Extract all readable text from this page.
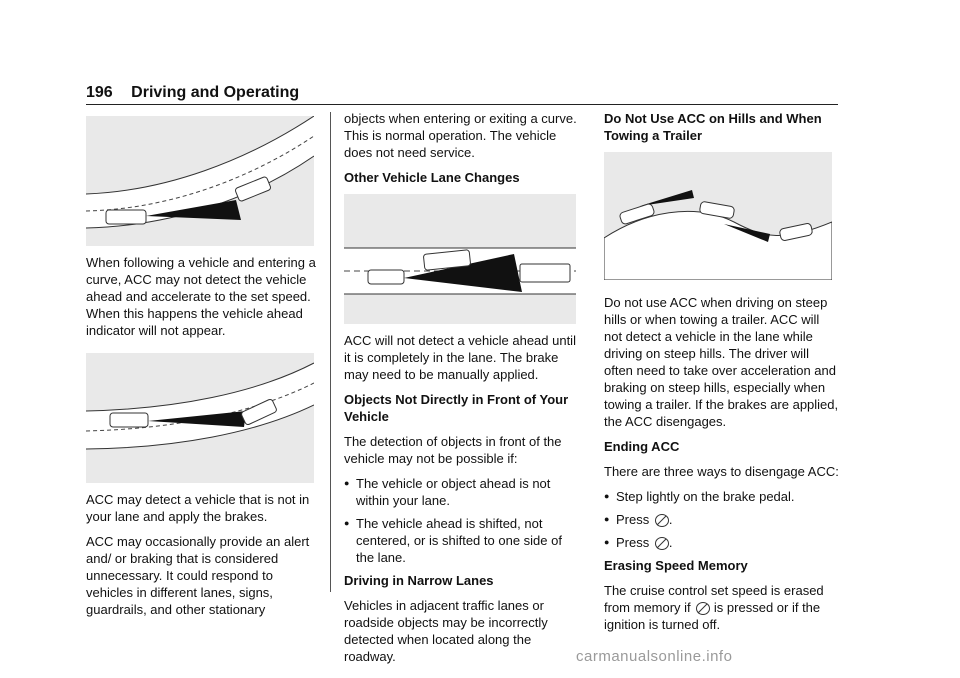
196 Driving and Operating

When following a vehicle and entering a curve, ACC may not detect the vehicle ahead and accelerate to the set speed. When this happens the vehicle ahead indicator will not appear.

ACC may detect a vehicle that is not in your lane and apply the brakes.

ACC may occasionally provide an alert and/ or braking that is considered unnecessary. It could respond to vehicles in different lanes, signs, guardrails, and other stationary

objects when entering or exiting a curve. This is normal operation. The vehicle does not need service.

Other Vehicle Lane Changes

ACC will not detect a vehicle ahead until it is completely in the lane. The brake may need to be manually applied.

Objects Not Directly in Front of Your Vehicle

The detection of objects in front of the vehicle may not be possible if:

● The vehicle or object ahead is not within your lane.
● The vehicle ahead is shifted, not centered, or is shifted to one side of the lane.

Driving in Narrow Lanes

Vehicles in adjacent traffic lanes or roadside objects may be incorrectly detected when located along the roadway.

Do Not Use ACC on Hills and When Towing a Trailer

Do not use ACC when driving on steep hills or when towing a trailer. ACC will not detect a vehicle in the lane while driving on steep hills. The driver will often need to take over acceleration and braking on steep hills, especially when towing a trailer. If the brakes are applied, the ACC disengages.

Ending ACC

There are three ways to disengage ACC:

● Step lightly on the brake pedal.
● Press .
● Press .

Erasing Speed Memory

The cruise control set speed is erased from memory if is pressed or if the ignition is turned off.

carmanualsonline.info
